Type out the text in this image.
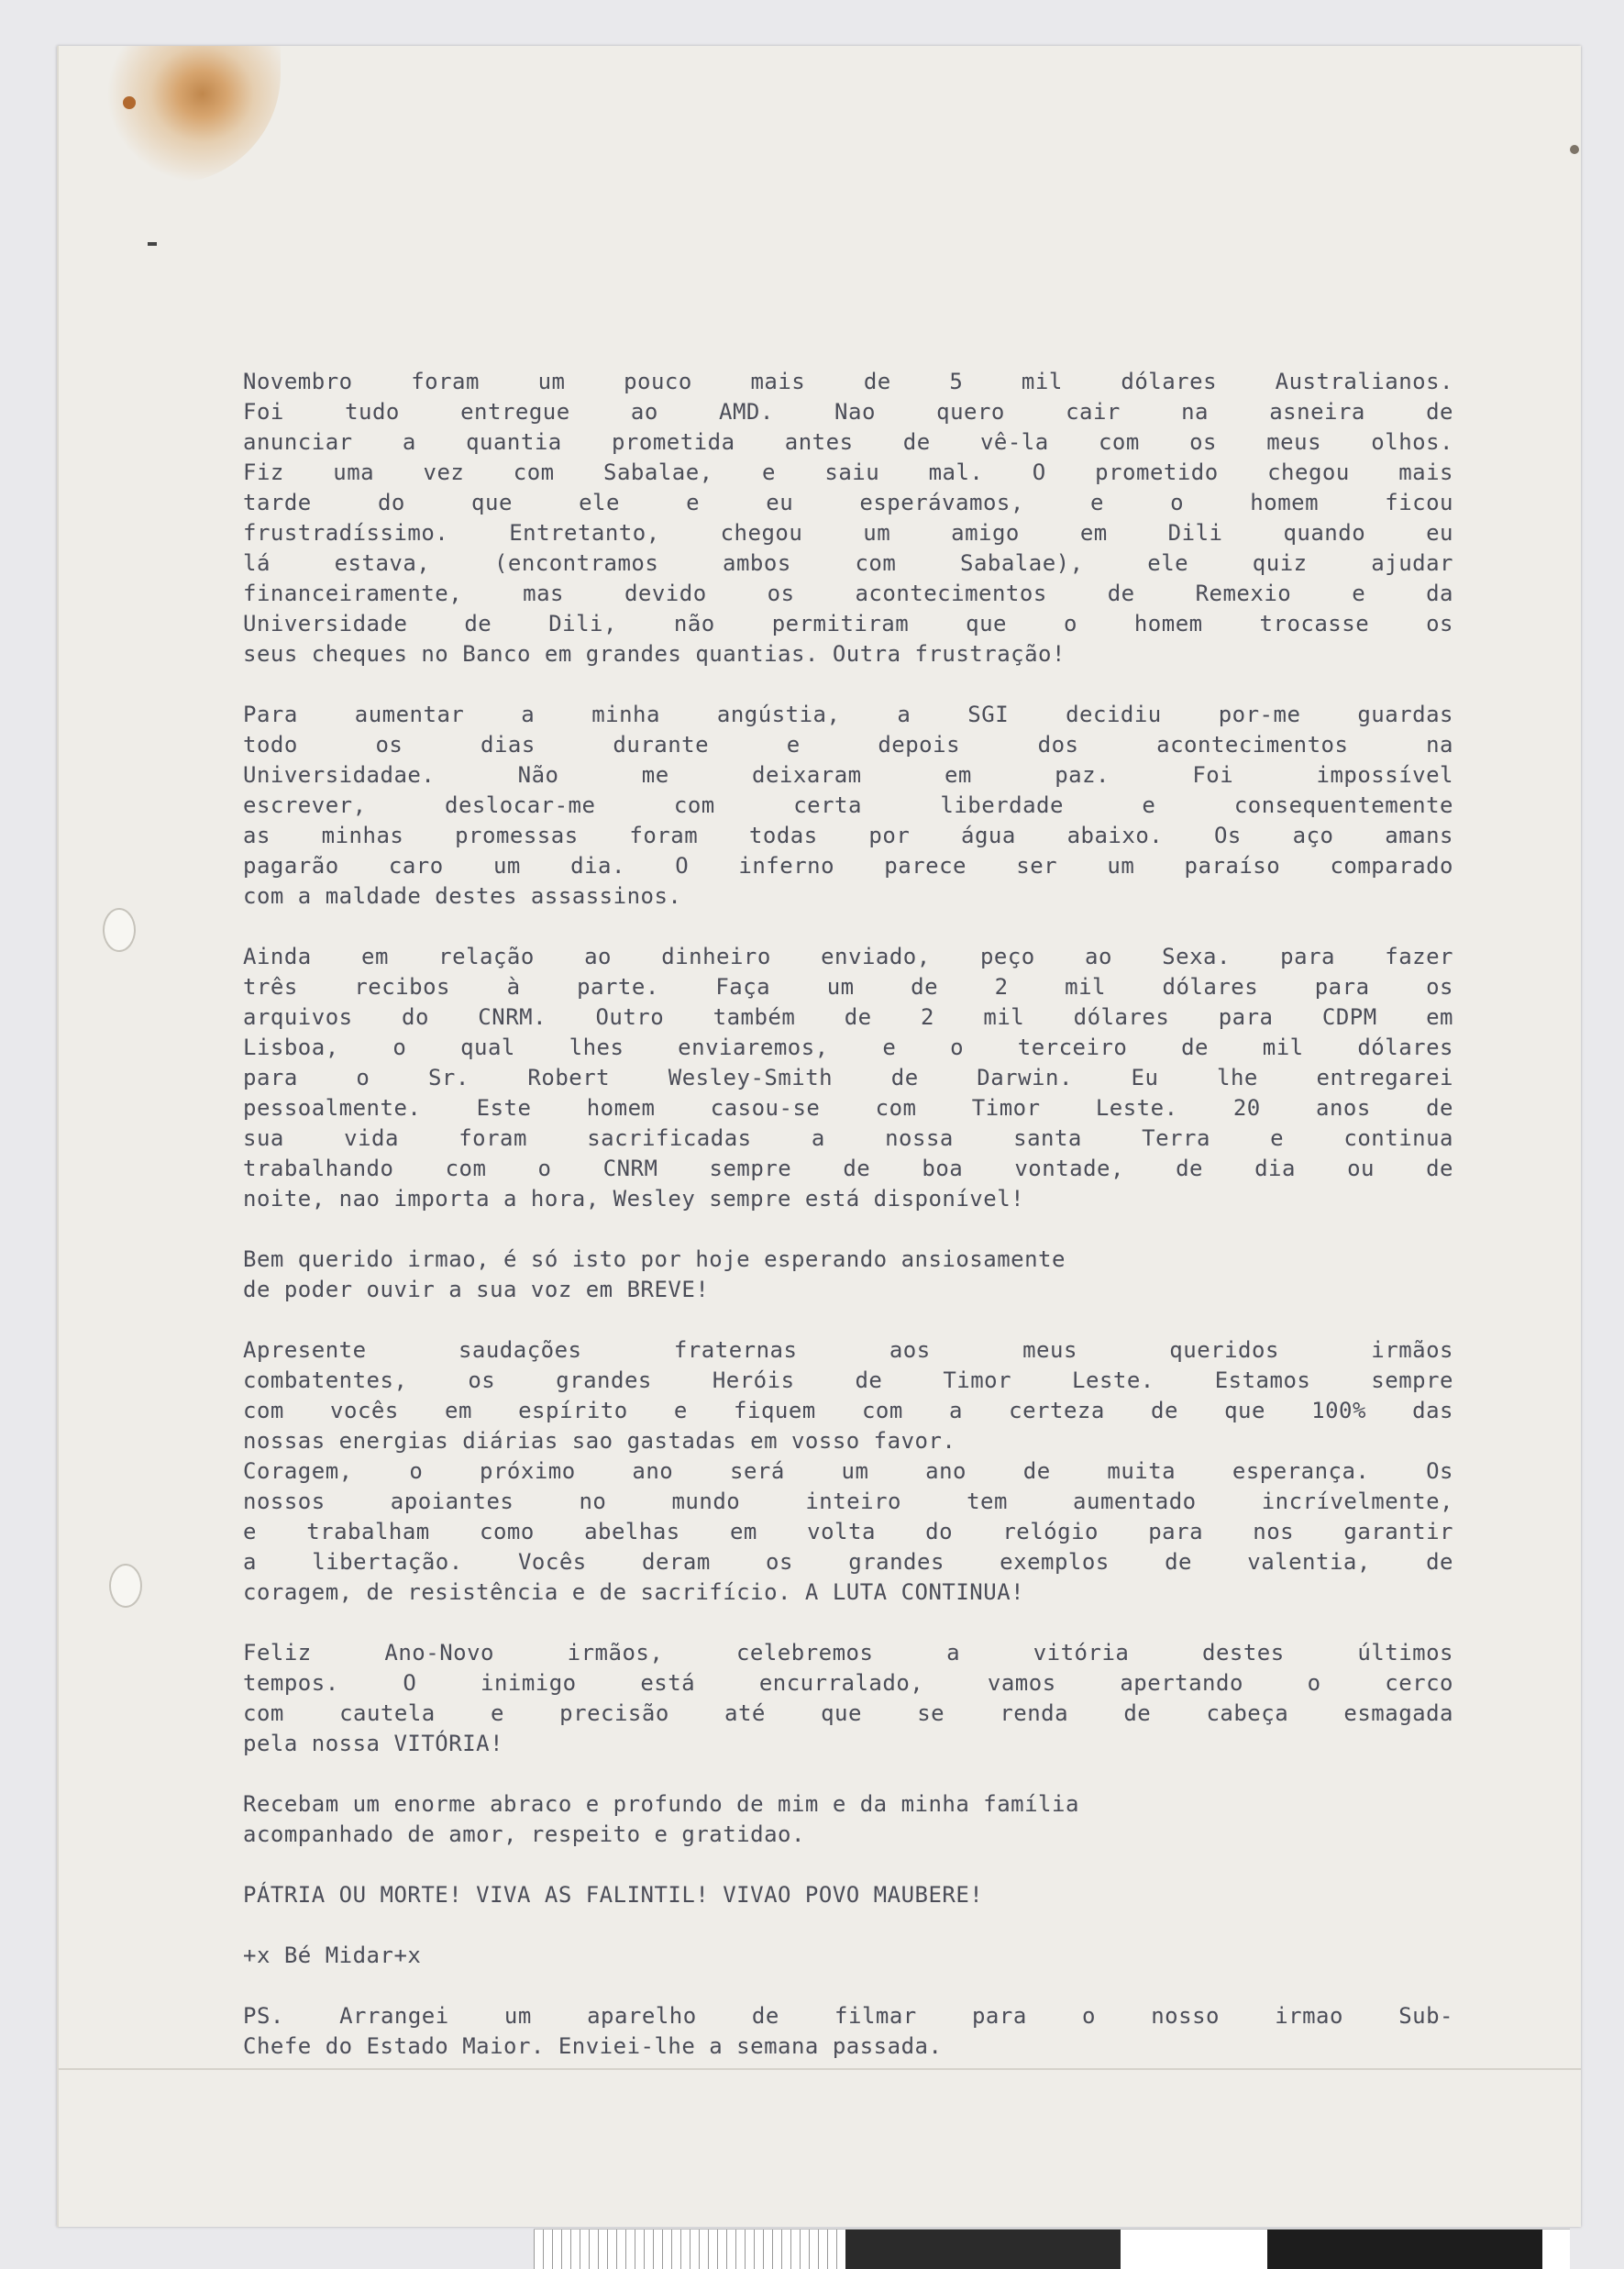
Novembro foram um pouco mais de 5 mil dólares Australianos.
Foi tudo entregue ao AMD. Nao quero cair na asneira de
anunciar a quantia prometida antes de vê-la com os meus olhos.
Fiz uma vez com Sabalae, e saiu mal. O prometido chegou mais
tarde do que ele e eu esperávamos, e o homem ficou
frustradíssimo. Entretanto, chegou um amigo em Dili quando eu
lá estava, (encontramos ambos com Sabalae), ele quiz ajudar
financeiramente, mas devido os acontecimentos de Remexio e da
Universidade de Dili, não permitiram que o homem trocasse os
seus cheques no Banco em grandes quantias. Outra frustração!
Para aumentar a minha angústia, a SGI decidiu por-me guardas
todo os dias durante e depois dos acontecimentos na
Universidadae. Não me deixaram em paz. Foi impossível
escrever, deslocar-me com certa liberdade e consequentemente
as minhas promessas foram todas por água abaixo. Os aço amans
pagarão caro um dia. O inferno parece ser um paraíso comparado
com a maldade destes assassinos.
Ainda em relação ao dinheiro enviado, peço ao Sexa. para fazer
três recibos à parte. Faça um de 2 mil dólares para os
arquivos do CNRM. Outro também de 2 mil dólares para CDPM em
Lisboa, o qual lhes enviaremos, e o terceiro de mil dólares
para o Sr. Robert Wesley-Smith de Darwin. Eu lhe entregarei
pessoalmente. Este homem casou-se com Timor Leste. 20 anos de
sua vida foram sacrificadas a nossa santa Terra e continua
trabalhando com o CNRM sempre de boa vontade, de dia ou de
noite, nao importa a hora, Wesley sempre está disponível!
Bem querido irmao, é só isto por hoje esperando ansiosamente
de poder ouvir a sua voz em BREVE!
Apresente saudações fraternas aos meus queridos irmãos
combatentes, os grandes Heróis de Timor Leste. Estamos sempre
com vocês em espírito e fiquem com a certeza de que 100% das
nossas energias diárias sao gastadas em vosso favor.
Coragem, o próximo ano será um ano de muita esperança. Os
nossos apoiantes no mundo inteiro tem aumentado incrívelmente,
e trabalham como abelhas em volta do relógio para nos garantir
a libertação. Vocês deram os grandes exemplos de valentia, de
coragem, de resistência e de sacrifício. A LUTA CONTINUA!
Feliz Ano-Novo irmãos, celebremos a vitória destes últimos
tempos. O inimigo está encurralado, vamos apertando o cerco
com cautela e precisão até que se renda de cabeça esmagada
pela nossa VITÓRIA!
Recebam um enorme abraco e profundo de mim e da minha família
acompanhado de amor, respeito e gratidao.
PÁTRIA OU MORTE! VIVA AS FALINTIL! VIVAO POVO MAUBERE!
+x Bé Midar+x
PS. Arrangei um aparelho de filmar para o nosso irmao Sub-
Chefe do Estado Maior. Enviei-lhe a semana passada.
